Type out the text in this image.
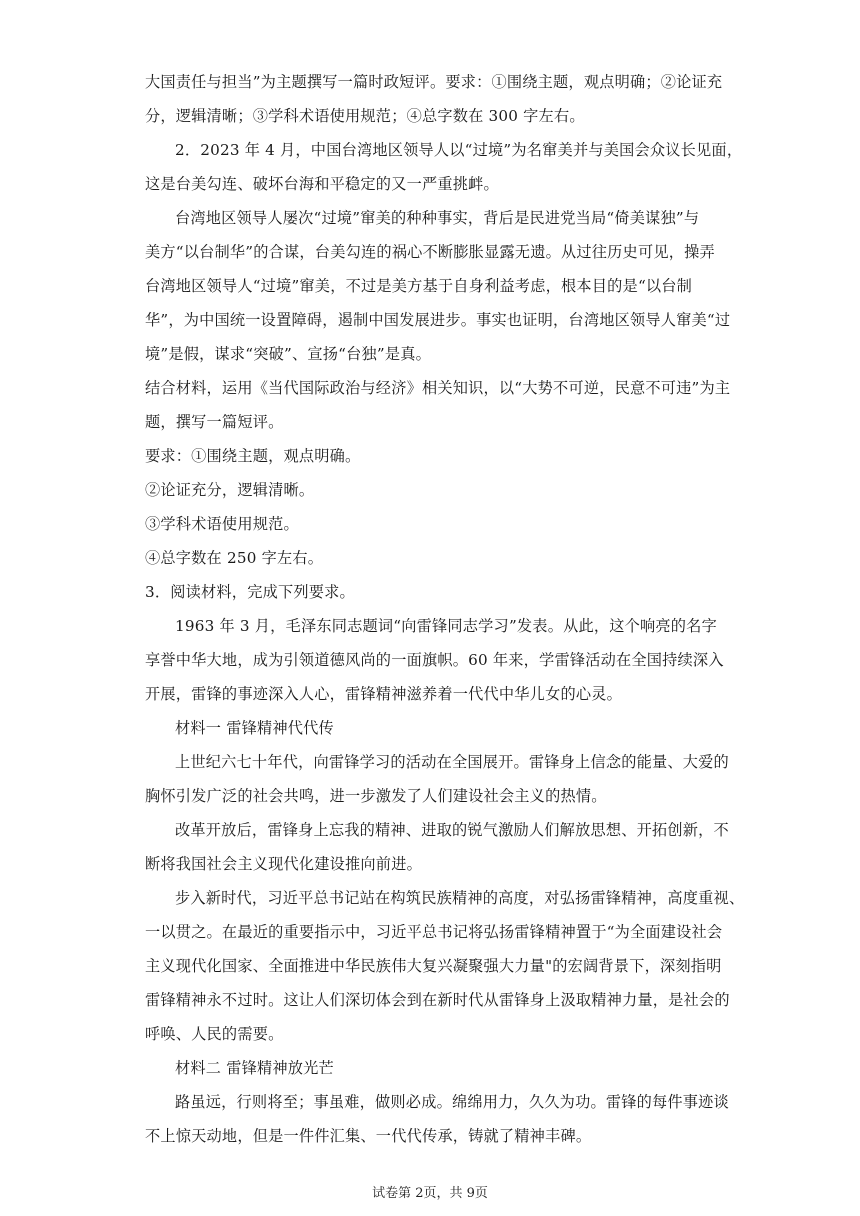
大国责任与担当”为主题撰写一篇时政短评。要求：①围绕主题，观点明确；②论证充
分，逻辑清晰；③学科术语使用规范；④总字数在 300 字左右。
2．2023 年 4 月，中国台湾地区领导人以“过境”为名窜美并与美国会众议长见面，
这是台美勾连、破坏台海和平稳定的又一严重挑衅。
台湾地区领导人屡次“过境”窜美的种种事实，背后是民进党当局“倚美谋独”与
美方“以台制华”的合谋，台美勾连的祸心不断膨胀显露无遗。从过往历史可见，操弄
台湾地区领导人“过境”窜美，不过是美方基于自身利益考虑，根本目的是“以台制
华”，为中国统一设置障碍，遏制中国发展进步。事实也证明，台湾地区领导人窜美“过
境”是假，谋求“突破”、宣扬“台独”是真。
结合材料，运用《当代国际政治与经济》相关知识，以“大势不可逆，民意不可违”为主
题，撰写一篇短评。
要求：①围绕主题，观点明确。
②论证充分，逻辑清晰。
③学科术语使用规范。
④总字数在 250 字左右。
3．阅读材料，完成下列要求。
1963 年 3 月，毛泽东同志题词“向雷锋同志学习”发表。从此，这个响亮的名字
享誉中华大地，成为引领道德风尚的一面旗帜。60 年来，学雷锋活动在全国持续深入
开展，雷锋的事迹深入人心，雷锋精神滋养着一代代中华儿女的心灵。
材料一 雷锋精神代代传
上世纪六七十年代，向雷锋学习的活动在全国展开。雷锋身上信念的能量、大爱的
胸怀引发广泛的社会共鸣，进一步激发了人们建设社会主义的热情。
改革开放后，雷锋身上忘我的精神、进取的锐气激励人们解放思想、开拓创新，不
断将我国社会主义现代化建设推向前进。
步入新时代，习近平总书记站在构筑民族精神的高度，对弘扬雷锋精神，高度重视、
一以贯之。在最近的重要指示中，习近平总书记将弘扬雷锋精神置于“为全面建设社会
主义现代化国家、全面推进中华民族伟大复兴凝聚强大力量"的宏阔背景下，深刻指明
雷锋精神永不过时。这让人们深切体会到在新时代从雷锋身上汲取精神力量，是社会的
呼唤、人民的需要。
材料二 雷锋精神放光芒
路虽远，行则将至；事虽难，做则必成。绵绵用力，久久为功。雷锋的每件事迹谈
不上惊天动地，但是一件件汇集、一代代传承，铸就了精神丰碑。
试卷第 2页，共 9页
